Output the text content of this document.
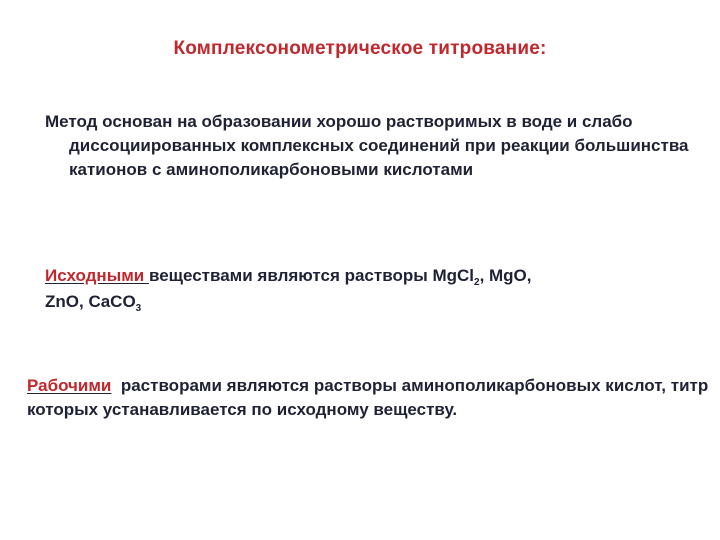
Комплексонометрическое титрование:
Метод основан на образовании хорошо растворимых в воде и слабо диссоциированных комплексных соединений при реакции большинства катионов с аминополикарбоновыми кислотами
Исходными веществами являются растворы MgCl$_2$, MgO,
ZnO, CaCO$_3$
Рабочими  растворами являются растворы аминополикарбоновых кислот, титр которых устанавливается по исходному веществу.
